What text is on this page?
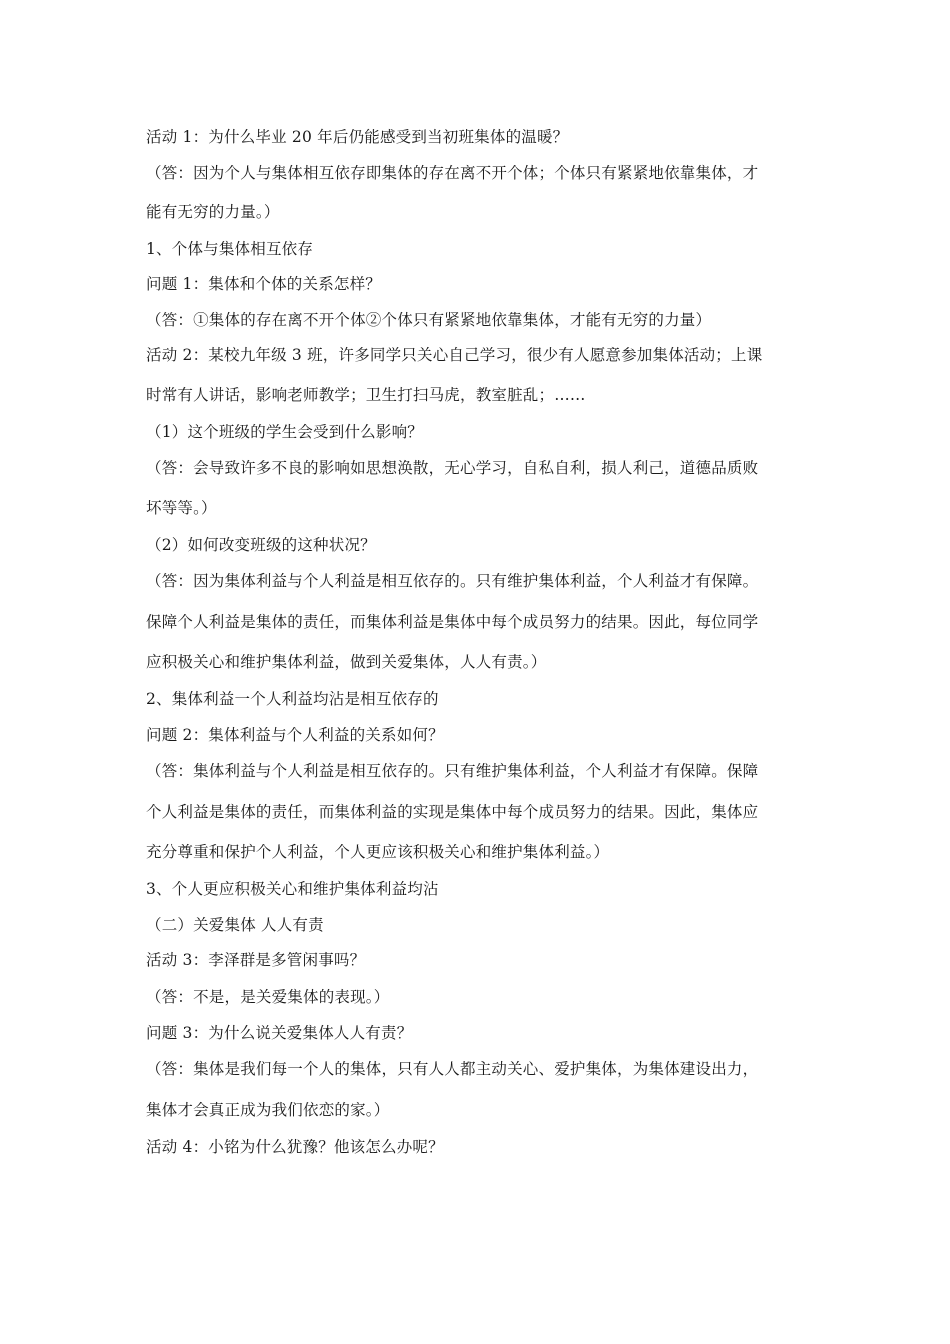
活动 1：为什么毕业 20 年后仍能感受到当初班集体的温暖？
（答：因为个人与集体相互依存即集体的存在离不开个体；个体只有紧紧地依靠集体，才
能有无穷的力量。）
1、个体与集体相互依存
问题 1：集体和个体的关系怎样？
（答：①集体的存在离不开个体②个体只有紧紧地依靠集体，才能有无穷的力量）
活动 2：某校九年级 3 班，许多同学只关心自己学习，很少有人愿意参加集体活动；上课
时常有人讲话，影响老师教学；卫生打扫马虎，教室脏乱；……
（1）这个班级的学生会受到什么影响？
（答：会导致许多不良的影响如思想涣散，无心学习，自私自利，损人利己，道德品质败
坏等等。）
（2）如何改变班级的这种状况？
（答：因为集体利益与个人利益是相互依存的。只有维护集体利益，个人利益才有保障。
保障个人利益是集体的责任，而集体利益是集体中每个成员努力的结果。因此，每位同学
应积极关心和维护集体利益，做到关爱集体，人人有责。）
2、集体利益一个人利益均沾是相互依存的
问题 2：集体利益与个人利益的关系如何？
（答：集体利益与个人利益是相互依存的。只有维护集体利益，个人利益才有保障。保障
个人利益是集体的责任，而集体利益的实现是集体中每个成员努力的结果。因此，集体应
充分尊重和保护个人利益，个人更应该积极关心和维护集体利益。）
3、个人更应积极关心和维护集体利益均沾
（二）关爱集体 人人有责
活动 3：李泽群是多管闲事吗？
（答：不是，是关爱集体的表现。）
问题 3：为什么说关爱集体人人有责？
（答：集体是我们每一个人的集体，只有人人都主动关心、爱护集体，为集体建设出力，
集体才会真正成为我们依恋的家。）
活动 4：小铭为什么犹豫？他该怎么办呢？
